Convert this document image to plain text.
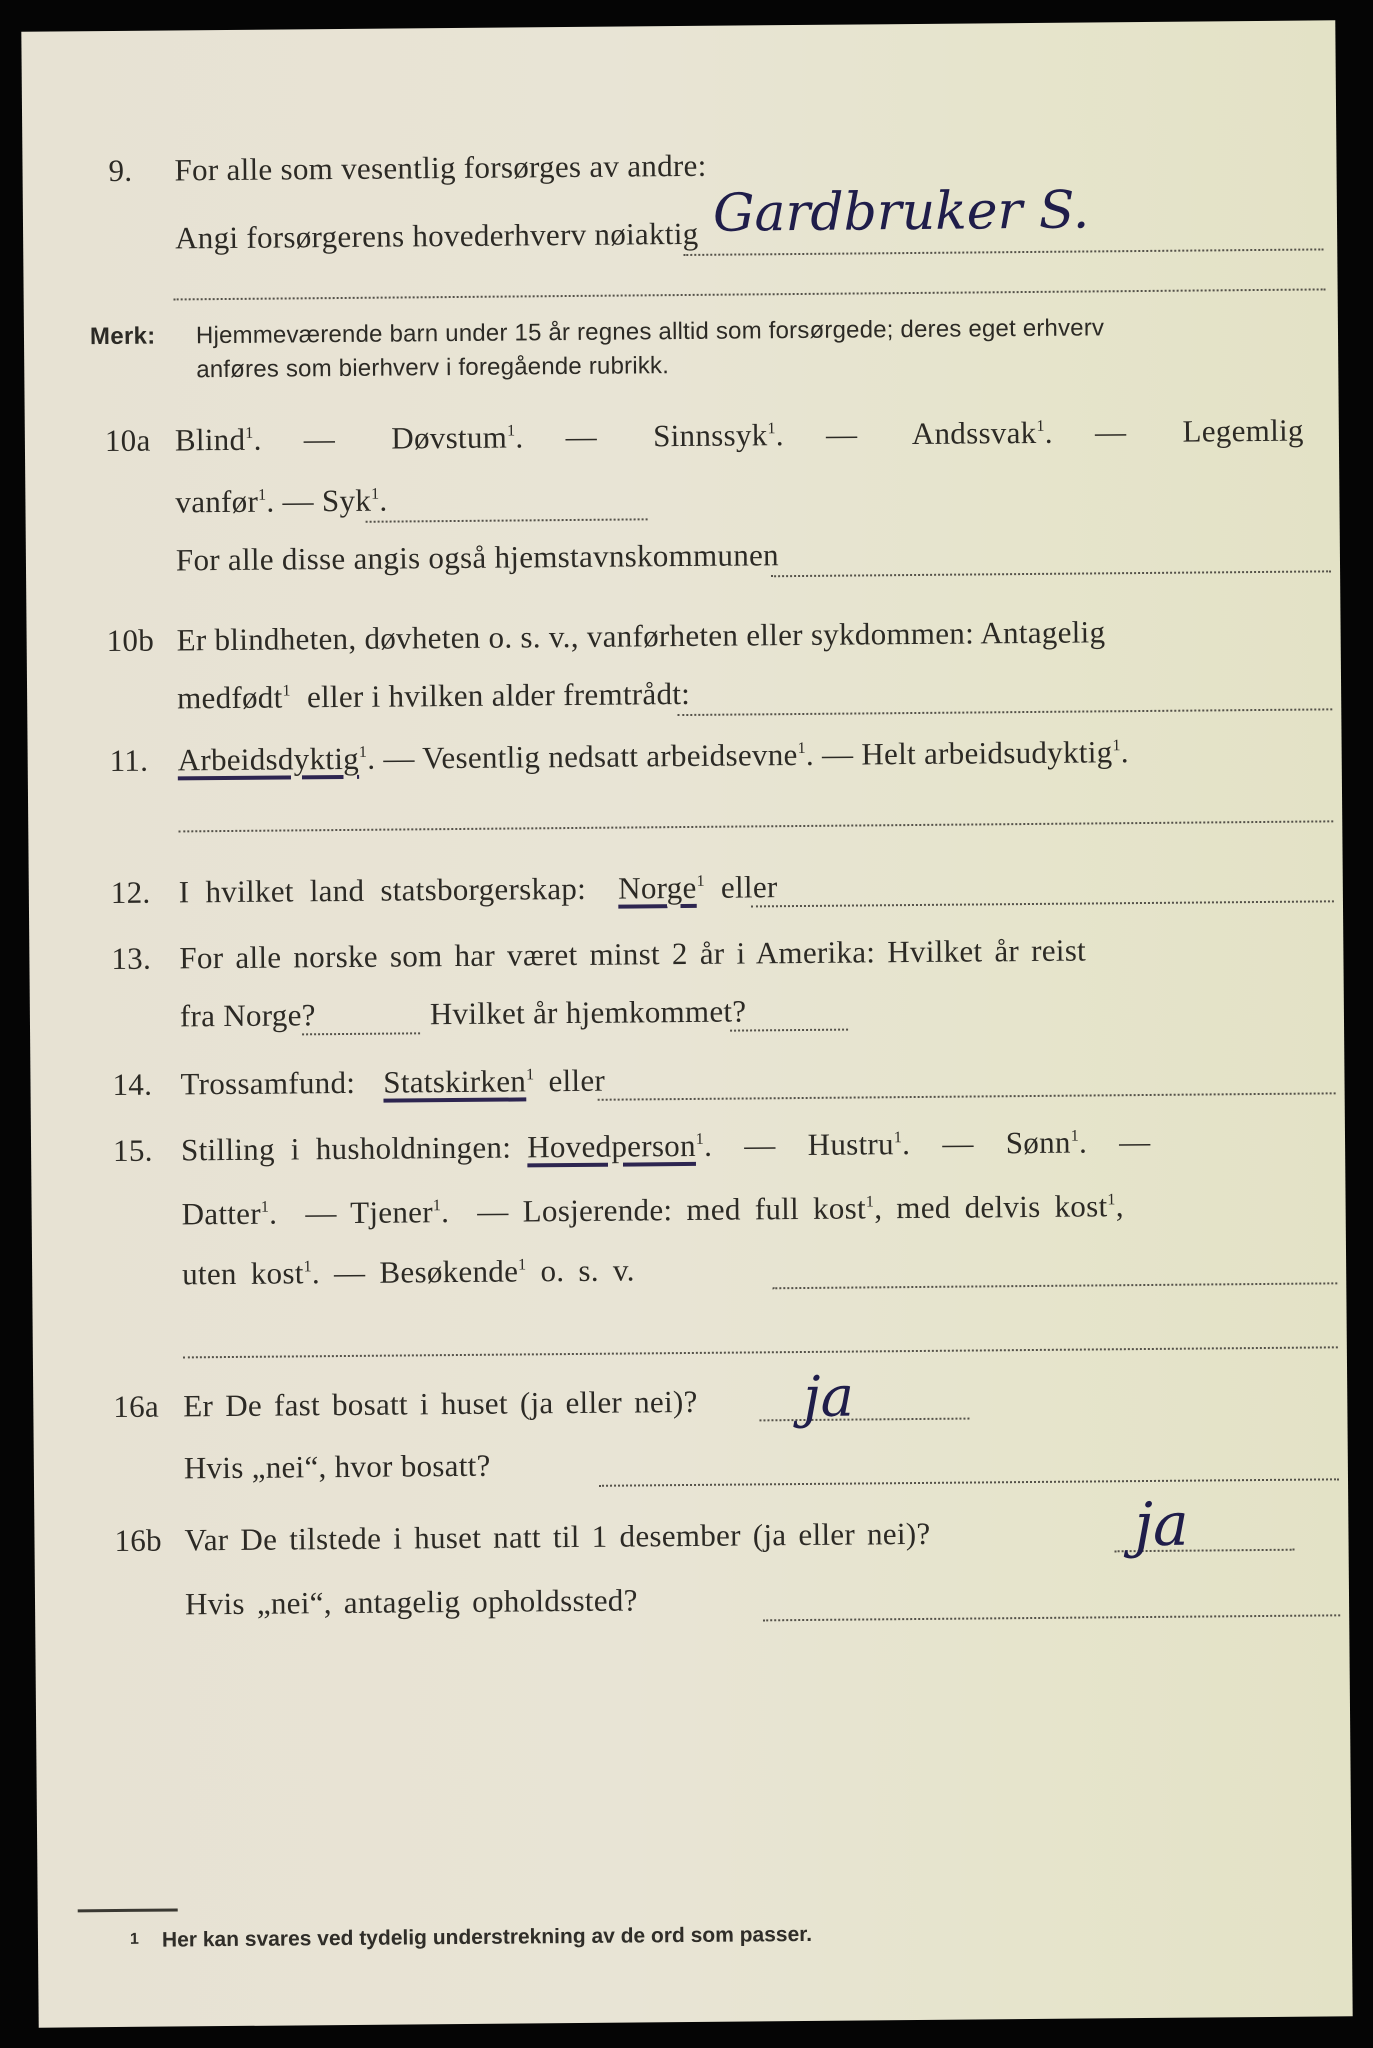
9. For alle som vesentlig forsørges av andre:
Angi forsørgerens hovederhverv nøiaktig Gardbruker S.
Merk: Hjemmeværende barn under 15 år regnes alltid som forsørgede; deres eget erhverv
anføres som bierhverv i foregående rubrikk.
10a Blind$^1$.   — Døvstum$^1$.   — Sinnssyk$^1$.   — Andssvak$^1$.   — Legemlig
vanfør$^1$. — Syk$^1$.
For alle disse angis også hjemstavnskommunen
10b Er blindheten, døvheten o. s. v., vanførheten eller sykdommen: Antagelig
medfødt$^1$ eller i hvilken alder fremtrådt:
11. Arbeidsdyktig$^1$. — Vesentlig nedsatt arbeidsevne$^1$. — Helt arbeidsudyktig$^1$.
12. I hvilket land statsborgerskap: Norge$^1$ eller
13. For alle norske som har været minst 2 år i Amerika: Hvilket år reist
fra Norge?	Hvilket år hjemkommet?
14. Trossamfund: Statskirken$^1$ eller
15. Stilling i husholdningen: Hovedperson$^1$.  — Hustru$^1$.  — Sønn$^1$.  —
Datter$^1$.  — Tjener$^1$.  — Losjerende: med full kost$^1$, med delvis kost$^1$,
uten kost$^1$. — Besøkende$^1$ o. s. v.
16a Er De fast bosatt i huset (ja eller nei)? ja
Hvis „nei“, hvor bosatt?
16b Var De tilstede i huset natt til 1 desember (ja eller nei)?	ja
Hvis „nei“, antagelig opholdssted?
1 Her kan svares ved tydelig understrekning av de ord som passer.
